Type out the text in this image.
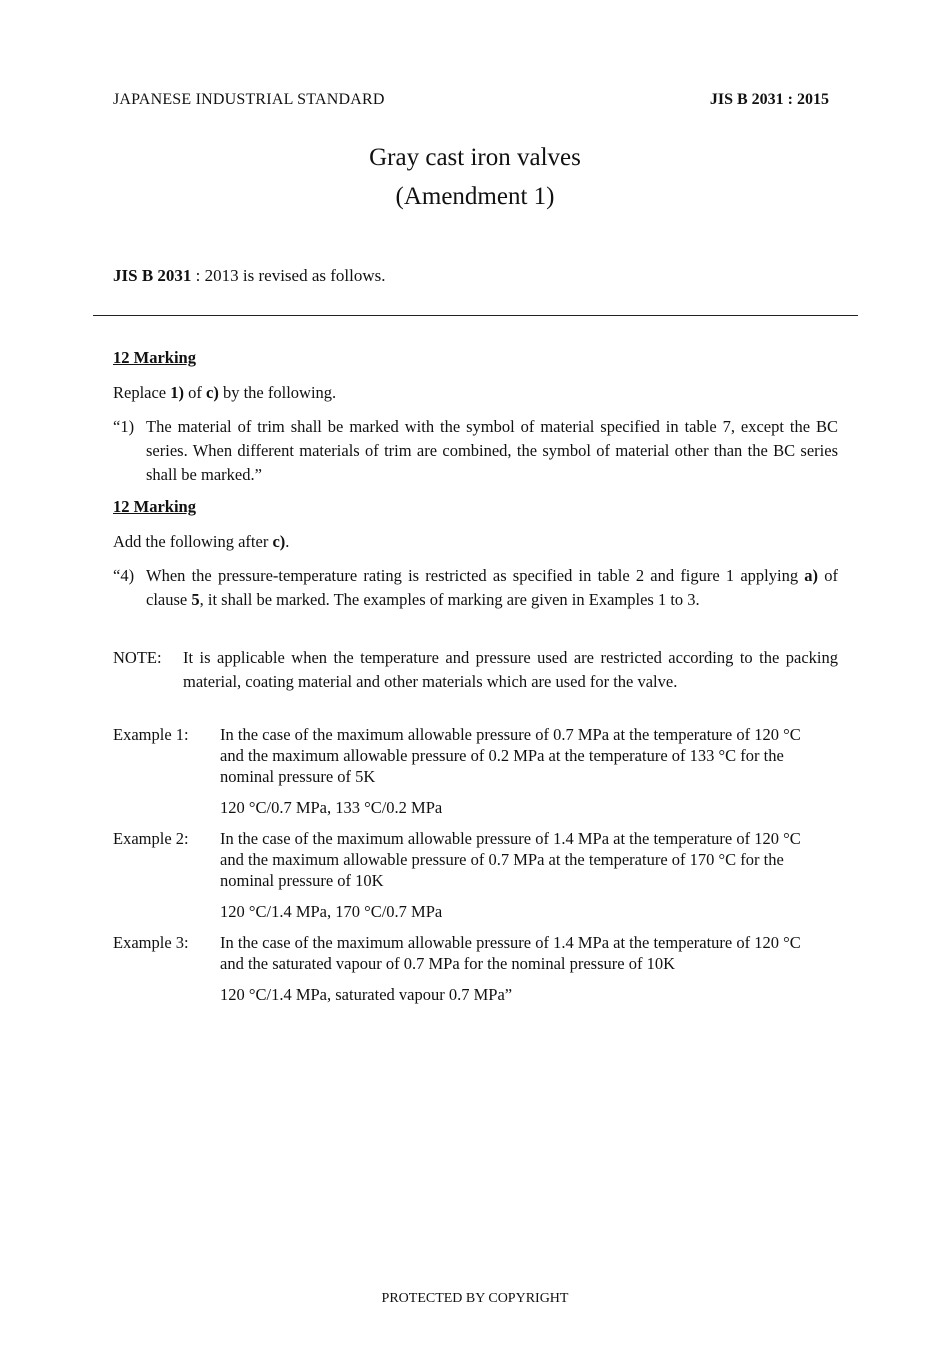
JAPANESE INDUSTRIAL STANDARD	JIS B 2031 : 2015
Gray cast iron valves
(Amendment 1)
JIS B 2031 : 2013 is revised as follows.
12 Marking
Replace 1) of c) by the following.
“1) The material of trim shall be marked with the symbol of material specified in table 7, except the BC series. When different materials of trim are combined, the symbol of material other than the BC series shall be marked.”
12 Marking
Add the following after c).
“4) When the pressure-temperature rating is restricted as specified in table 2 and figure 1 applying a) of clause 5, it shall be marked. The examples of marking are given in Examples 1 to 3.
NOTE: It is applicable when the temperature and pressure used are restricted according to the packing material, coating material and other materials which are used for the valve.
Example 1: In the case of the maximum allowable pressure of 0.7 MPa at the temperature of 120 °C and the maximum allowable pressure of 0.2 MPa at the temperature of 133 °C for the nominal pressure of 5K
120 °C/0.7 MPa, 133 °C/0.2 MPa
Example 2: In the case of the maximum allowable pressure of 1.4 MPa at the temperature of 120 °C and the maximum allowable pressure of 0.7 MPa at the temperature of 170 °C for the nominal pressure of 10K
120 °C/1.4 MPa, 170 °C/0.7 MPa
Example 3: In the case of the maximum allowable pressure of 1.4 MPa at the temperature of 120 °C and the saturated vapour of 0.7 MPa for the nominal pressure of 10K
120 °C/1.4 MPa, saturated vapour 0.7 MPa”
PROTECTED BY COPYRIGHT
